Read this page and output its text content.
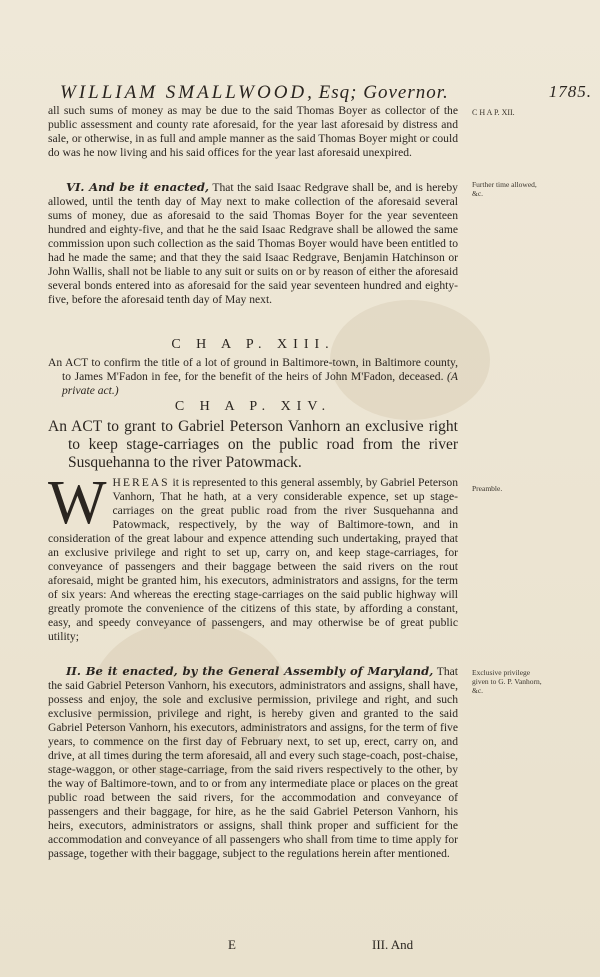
WILLIAM SMALLWOOD, Esq; Governor.	1785.
C H A P. XII.

all such sums of money as may be due to the said Thomas Boyer as collector of the public assessment and county rate aforesaid, for the year last aforesaid by distress and sale, or otherwise, in as full and ample manner as the said Thomas Boyer might or could do was he now living and his said offices for the year last aforesaid unexpired.

Further time allowed, &c.

VI. And be it enacted, That the said Isaac Redgrave shall be, and is hereby allowed, until the tenth day of May next to make collection of the aforesaid several sums of money, due as aforesaid to the said Thomas Boyer for the year seventeen hundred and eighty-five, and that he the said Isaac Redgrave shall be allowed the same commission upon such collection as the said Thomas Boyer would have been entitled to had he made the same; and that they the said Isaac Redgrave, Benjamin Hatchinson or John Wallis, shall not be liable to any suit or suits on or by reason of either the aforesaid several bonds entered into as aforesaid for the said year seventeen hundred and eighty-five, before the aforesaid tenth day of May next.

C H A P. XIII.

An ACT to confirm the title of a lot of ground in Baltimore-town, in Baltimore county, to James M'Fadon in fee, for the benefit of the heirs of John M'Fadon, deceased. (A private act.)

C H A P. XIV.

An ACT to grant to Gabriel Peterson Vanhorn an exclusive right to keep stage-carriages on the public road from the river Susquehanna to the river Patowmack.

Preamble.

WHEREAS it is represented to this general assembly, by Gabriel Peterson Vanhorn, That he hath, at a very considerable expence, set up stage-carriages on the great public road from the river Susquehanna and Patowmack, respectively, by the way of Baltimore-town, and in consideration of the great labour and expence attending such undertaking, prayed that an exclusive privilege and right to set up, carry on, and keep stage-carriages, for conveyance of passengers and their baggage between the said rivers on the rout aforesaid, might be granted him, his executors, administrators and assigns, for the term of six years: And whereas the erecting stage-carriages on the said public highway will greatly promote the convenience of the citizens of this state, by affording a constant, easy, and speedy conveyance of passengers, and may otherwise be of great public utility;

Exclusive privilege given to G. P. Vanhorn, &c.

II. Be it enacted, by the General Assembly of Maryland, That the said Gabriel Peterson Vanhorn, his executors, administrators and assigns, shall have, possess and enjoy, the sole and exclusive permission, privilege and right, and such exclusive permission, privilege and right, is hereby given and granted to the said Gabriel Peterson Vanhorn, his executors, administrators and assigns, for the term of five years, to commence on the first day of February next, to set up, erect, carry on, and drive, at all times during the term aforesaid, all and every such stage-coach, post-chaise, stage-waggon, or other stage-carriage, from the said rivers respectively to the other, by the way of Baltimore-town, and to or from any intermediate place or places on the great public road between the said rivers, for the accommodation and conveyance of passengers and their baggage, for hire, as he the said Gabriel Peterson Vanhorn, his heirs, executors, administrators or assigns, shall think proper and sufficient for the accommodation and conveyance of all passengers who shall from time to time apply for passage, together with their baggage, subject to the regulations herein after mentioned.

E	III. And
